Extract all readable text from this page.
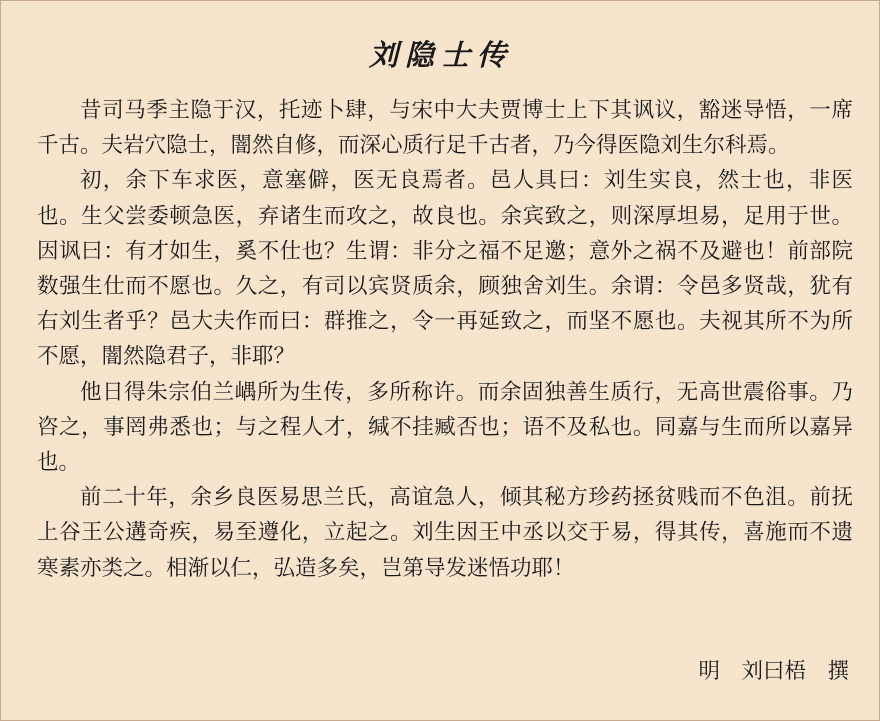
刘隐士传

昔司马季主隐于汉，托迹卜肆，与宋中大夫贾博士上下其讽议，豁迷导悟，一席千古。夫岩穴隐士，闇然自修，而深心质行足千古者，乃今得医隐刘生尔科焉。

初，余下车求医，意塞僻，医无良焉者。邑人具曰：刘生实良，然士也，非医也。生父尝委顿急医，弃诸生而攻之，故良也。余宾致之，则深厚坦易，足用于世。因讽曰：有才如生，奚不仕也？生谓：非分之福不足邀；意外之祸不及避也！前部院数强生仕而不愿也。久之，有司以宾贤质余，顾独舍刘生。余谓：令邑多贤哉，犹有右刘生者乎？邑大夫作而曰：群推之，令一再延致之，而坚不愿也。夫视其所不为所不愿，闇然隐君子，非耶？

他日得朱宗伯兰嵎所为生传，多所称许。而余固独善生质行，无高世震俗事。乃咨之，事罔弗悉也；与之程人才，缄不挂臧否也；语不及私也。同嘉与生而所以嘉异也。

前二十年，余乡良医易思兰氏，高谊急人，倾其秘方珍药拯贫贱而不色沮。前抚上谷王公遘奇疾，易至遵化，立起之。刘生因王中丞以交于易，得其传，喜施而不遗寒素亦类之。相渐以仁，弘造多矣，岂第导发迷悟功耶！

明　刘曰梧　撰
